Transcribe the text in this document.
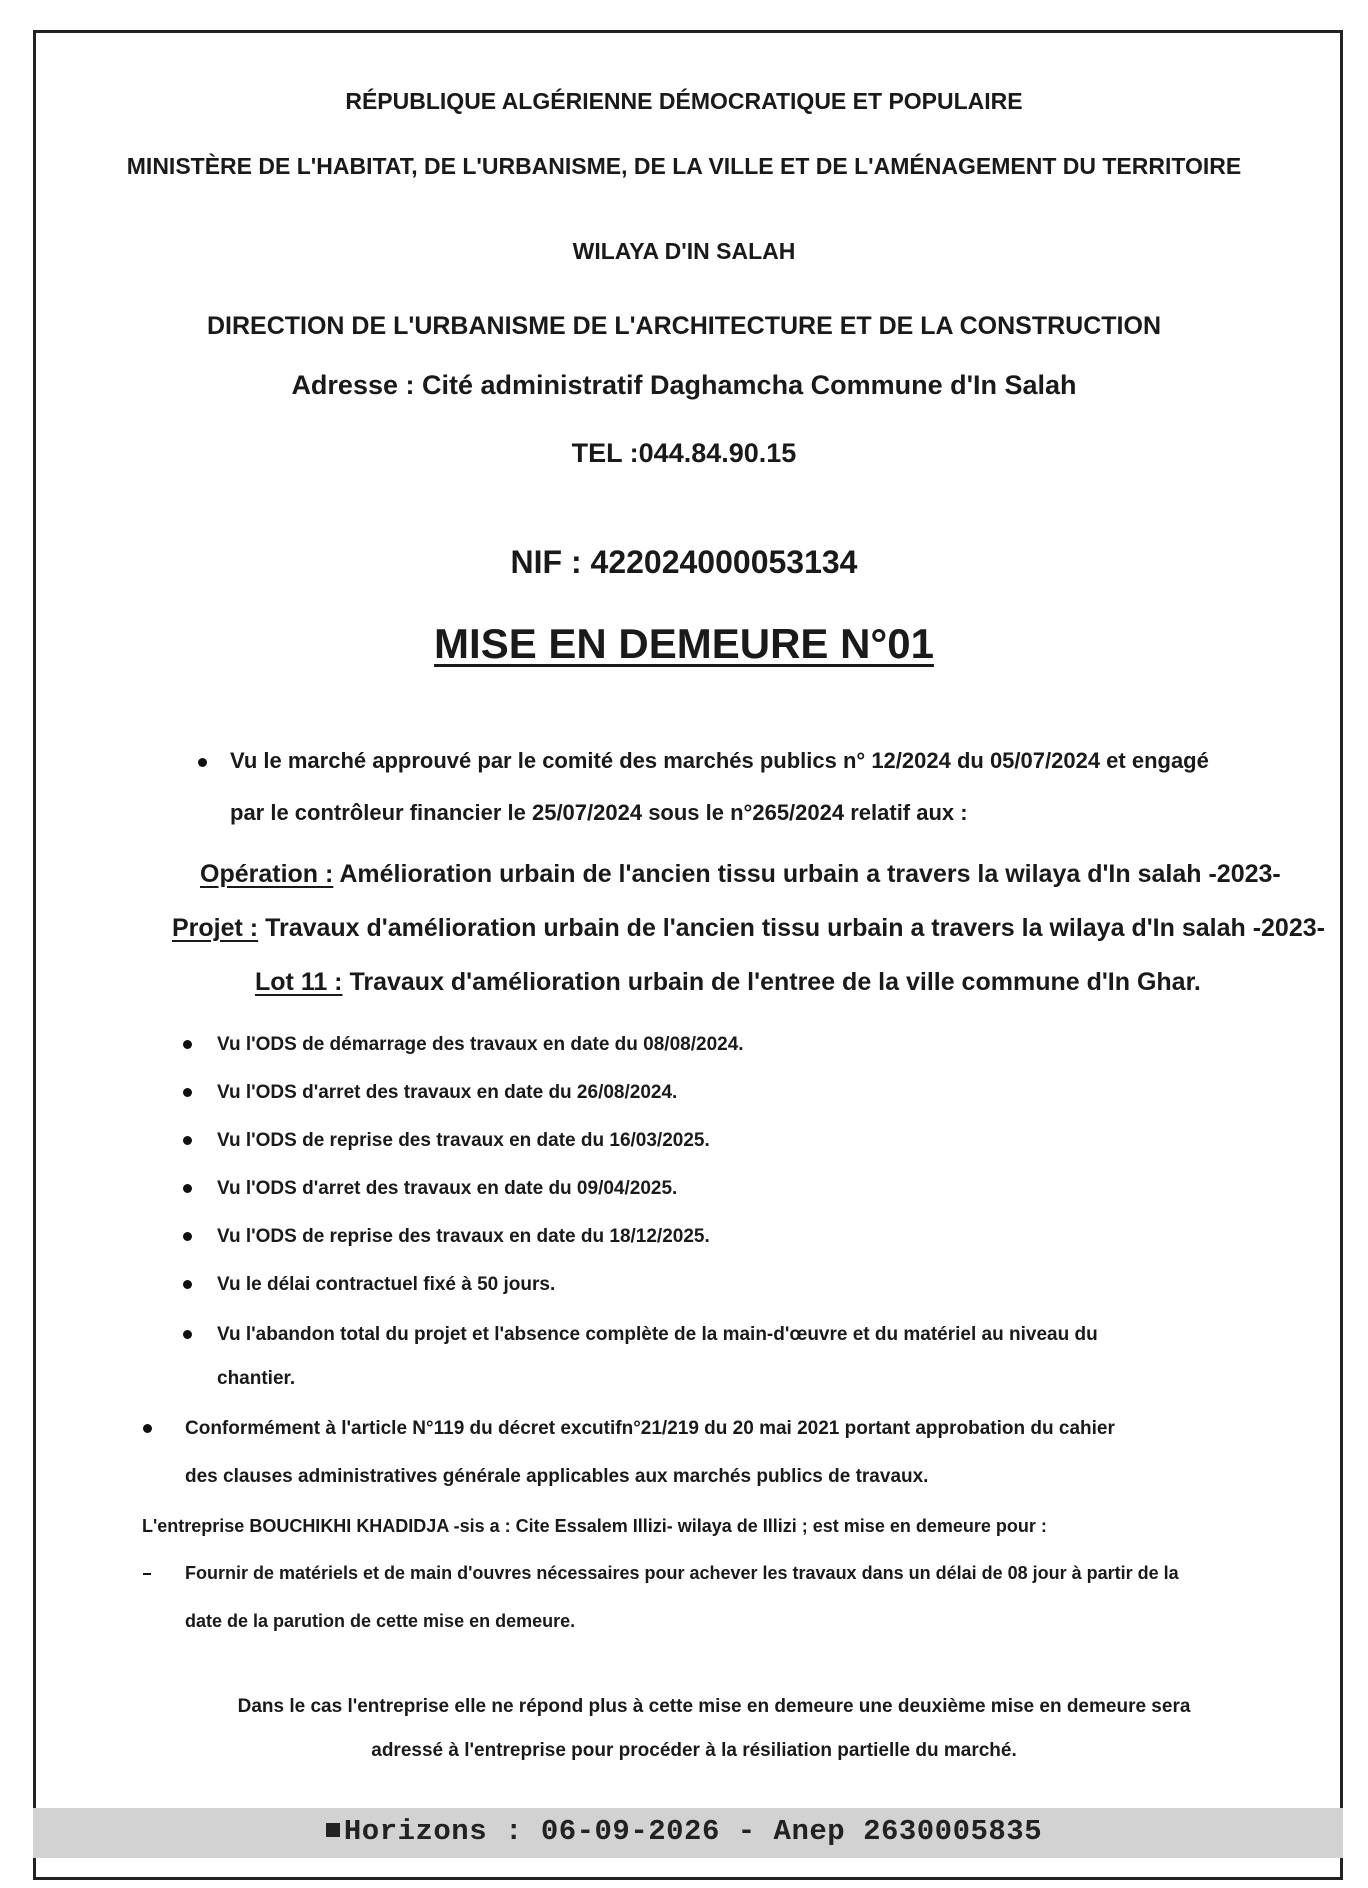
RÉPUBLIQUE ALGÉRIENNE DÉMOCRATIQUE ET POPULAIRE
MINISTÈRE DE L'HABITAT, DE L'URBANISME, DE LA VILLE ET DE L'AMÉNAGEMENT DU TERRITOIRE
WILAYA D'IN SALAH
DIRECTION DE L'URBANISME DE L'ARCHITECTURE ET DE LA CONSTRUCTION
Adresse : Cité administratif Daghamcha Commune d'In Salah
TEL :044.84.90.15
NIF : 422024000053134
MISE EN DEMEURE N°01
Vu le marché approuvé par le comité des marchés publics n° 12/2024 du 05/07/2024 et engagé
par le contrôleur financier le 25/07/2024 sous le n°265/2024 relatif aux :
Opération : Amélioration urbain de l'ancien tissu urbain a travers la wilaya d'In salah -2023-
Projet : Travaux d'amélioration urbain de l'ancien tissu urbain a travers la wilaya d'In salah -2023-
Lot 11 : Travaux d'amélioration urbain de l'entree de la ville commune d'In Ghar.
Vu l'ODS de démarrage des travaux en date du 08/08/2024.
Vu l'ODS d'arret des travaux en date du 26/08/2024.
Vu l'ODS de reprise des travaux en date du 16/03/2025.
Vu l'ODS d'arret des travaux en date du 09/04/2025.
Vu l'ODS de reprise des travaux en date du 18/12/2025.
Vu le délai contractuel fixé à 50 jours.
Vu l'abandon total du projet et l'absence complète de la main-d'œuvre et du matériel au niveau du
chantier.
Conformément à l'article N°119 du décret excutifn°21/219 du 20 mai 2021 portant approbation du cahier
des clauses administratives générale applicables aux marchés publics de travaux.
L'entreprise BOUCHIKHI KHADIDJA -sis a : Cite Essalem Illizi- wilaya de Illizi ; est mise en demeure pour :
Fournir de matériels et de main d'ouvres nécessaires pour achever les travaux dans un délai de 08 jour à partir de la
date de la parution de cette mise en demeure.
Dans le cas l'entreprise elle ne répond plus à cette mise en demeure une deuxième mise en demeure sera
adressé à l'entreprise pour procéder à la résiliation partielle du marché.
Horizons : 06-09-2026 - Anep 2630005835
